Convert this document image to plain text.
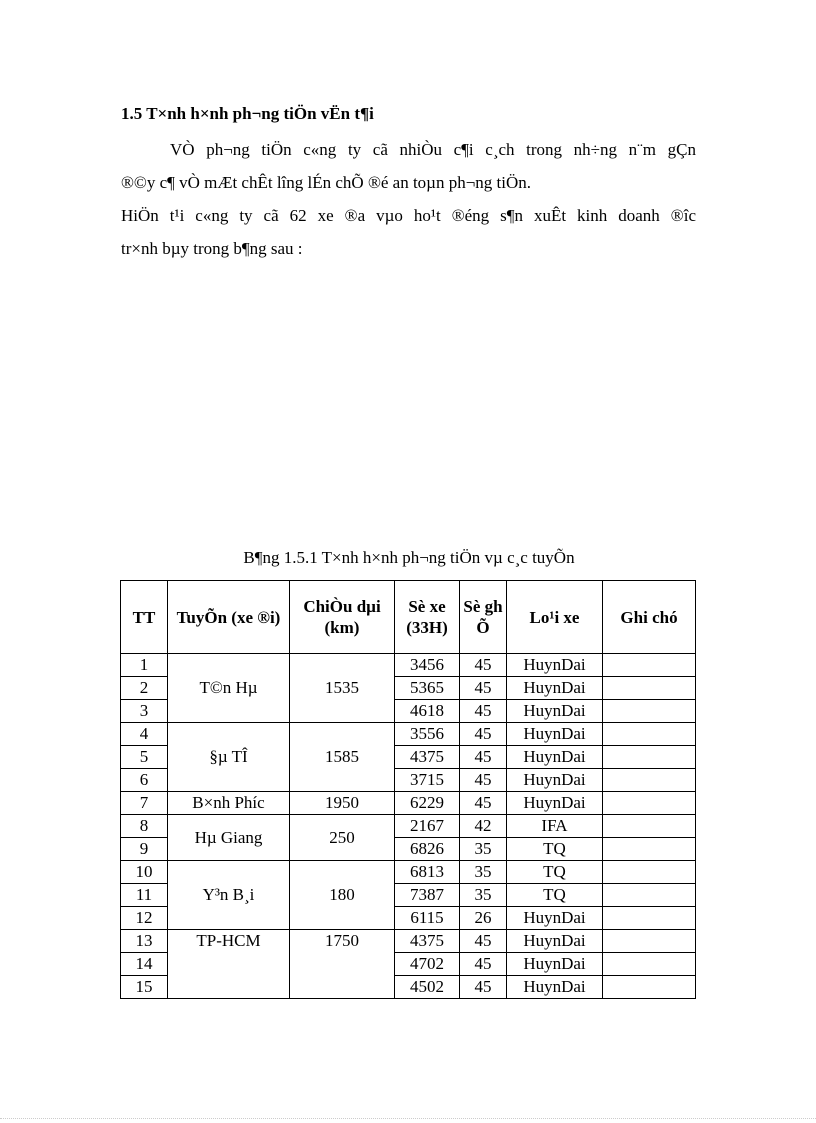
1.5 T×nh h×nh ph¬ng tiÖn vËn t¶i

VÒ ph¬ng tiÖn c«ng ty cã nhiÒu c¶i c¸ch trong nh÷ng n¨m gÇn

®©y c¶ vÒ mÆt chÊt lîng lÉn chÕ ®é an toµn ph¬ng tiÖn.

HiÖn t¹i c«ng ty cã 62 xe ®a vµo ho¹t ®éng s¶n xuÊt kinh doanh ®îc

tr×nh bµy trong b¶ng sau :

B¶ng 1.5.1 T×nh h×nh ph¬ng tiÖn vµ c¸c tuyÕn
TT	TuyÕn (xe ®i)	ChiÒu dµi (km)	Sè xe (33H)	Sè gh Õ	Lo¹i xe	Ghi chó
1	T©n Hµ	1535	3456	45	HuynDai	
2			5365	45	HuynDai	
3			4618	45	HuynDai	
4	§µ TÎ	1585	3556	45	HuynDai	
5			4375	45	HuynDai	
6			3715	45	HuynDai	
7	B×nh Phíc	1950	6229	45	HuynDai	
8	Hµ Giang	250	2167	42	IFA	
9			6826	35	TQ	
10	Y³n B¸i	180	6813	35	TQ	
11			7387	35	TQ	
12			6115	26	HuynDai	
13	TP-HCM	1750	4375	45	HuynDai	
14			4702	45	HuynDai	
15			4502	45	HuynDai	
